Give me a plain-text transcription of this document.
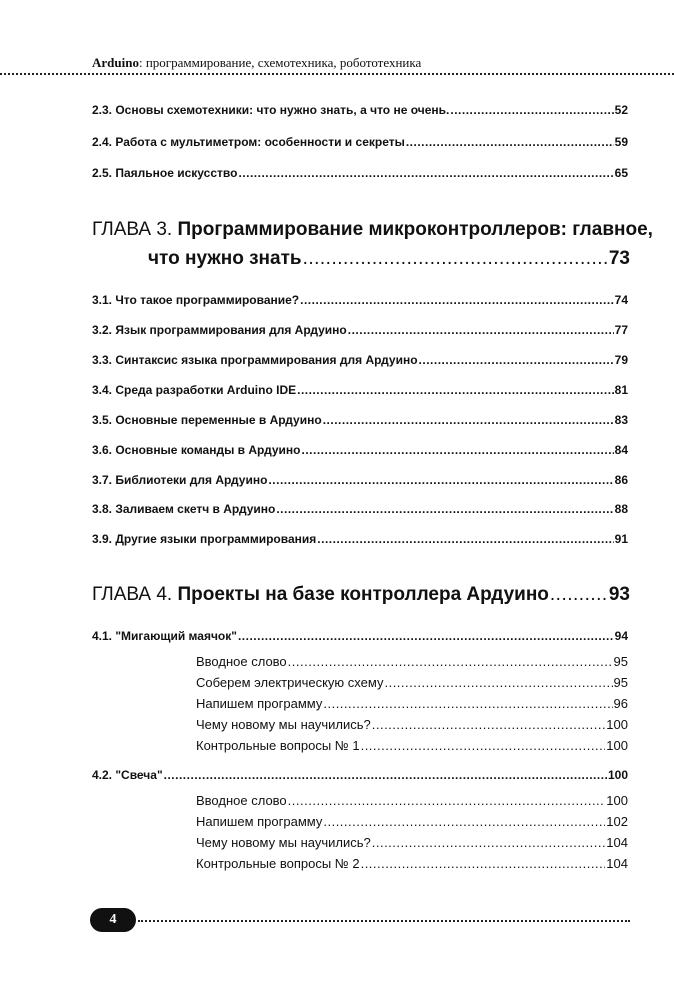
Arduino: программирование, схемотехника, робототехника
2.3. Основы схемотехники: что нужно знать, а что не очень. .....	52
2.4. Работа с мультиметром: особенности и секреты .....	59
2.5. Паяльное искусство .....	65
ГЛАВА 3. Программирование микроконтроллеров: главное,
что нужно знать .....	73
3.1. Что такое программирование? .....	74
3.2. Язык программирования для Ардуино .....	77
3.3. Синтаксис языка программирования для Ардуино .....	79
3.4. Среда разработки Arduino IDE .....	81
3.5. Основные переменные в Ардуино .....	83
3.6. Основные команды в Ардуино .....	84
3.7. Библиотеки для Ардуино .....	86
3.8. Заливаем скетч в Ардуино .....	88
3.9. Другие языки программирования .....	91
ГЛАВА 4. Проекты на базе контроллера Ардуино .....	93
4.1. "Мигающий маячок" .....	94
Вводное слово .....	95
Соберем электрическую схему .....	95
Напишем программу .....	96
Чему новому мы научились? .....	100
Контрольные вопросы № 1 .....	100
4.2. "Свеча" .....	100
Вводное слово .....	100
Напишем программу .....	102
Чему новому мы научились? .....	104
Контрольные вопросы № 2 .....	104
4
